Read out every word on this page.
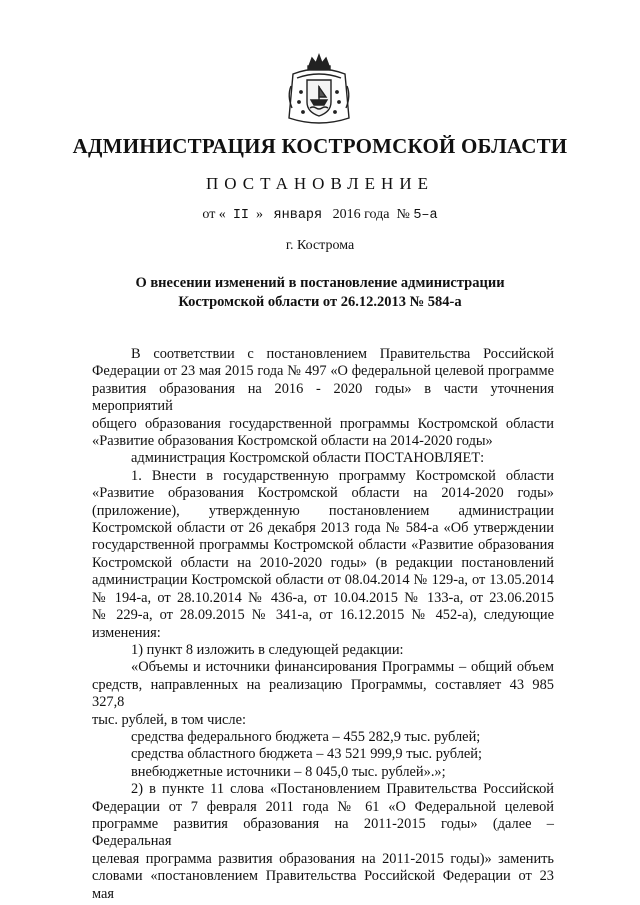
АДМИНИСТРАЦИЯ КОСТРОМСКОЙ ОБЛАСТИ
ПОСТАНОВЛЕНИЕ
от « II » января 2016 года № 5–а
г. Кострома
О внесении изменений в постановление администрации
Костромской области от 26.12.2013 № 584-а

В соответствии с постановлением Правительства Российской

Федерации от 23 мая 2015 года № 497 «О федеральной целевой программе

развития образования на 2016 - 2020 годы» в части уточнения мероприятий

общего образования государственной программы Костромской области

«Развитие образования Костромской области на 2014-2020 годы»

администрация Костромской области ПОСТАНОВЛЯЕТ:

1. Внести в государственную программу Костромской области

«Развитие образования Костромской области на 2014-2020 годы»

(приложение), утвержденную постановлением администрации

Костромской области от 26 декабря 2013 года № 584-а «Об утверждении

государственной программы Костромской области «Развитие образования

Костромской области на 2010-2020 годы» (в редакции постановлений

администрации Костромской области от 08.04.2014 № 129-а, от 13.05.2014

№ 194-а, от 28.10.2014 № 436-а, от 10.04.2015 № 133-а, от 23.06.2015

№ 229-а, от 28.09.2015 № 341-а, от 16.12.2015 № 452-а), следующие

изменения:

1) пункт 8 изложить в следующей редакции:

«Объемы и источники финансирования Программы – общий объем

средств, направленных на реализацию Программы, составляет 43 985 327,8

тыс. рублей, в том числе:

средства федерального бюджета – 455 282,9 тыс. рублей;

средства областного бюджета – 43 521 999,9 тыс. рублей;

внебюджетные источники – 8 045,0 тыс. рублей».»;

2) в пункте 11 слова «Постановлением Правительства Российской

Федерации от 7 февраля 2011 года № 61 «О Федеральной целевой

программе развития образования на 2011-2015 годы» (далее – Федеральная

целевая программа развития образования на 2011-2015 годы)» заменить

словами «постановлением Правительства Российской Федерации от 23 мая
